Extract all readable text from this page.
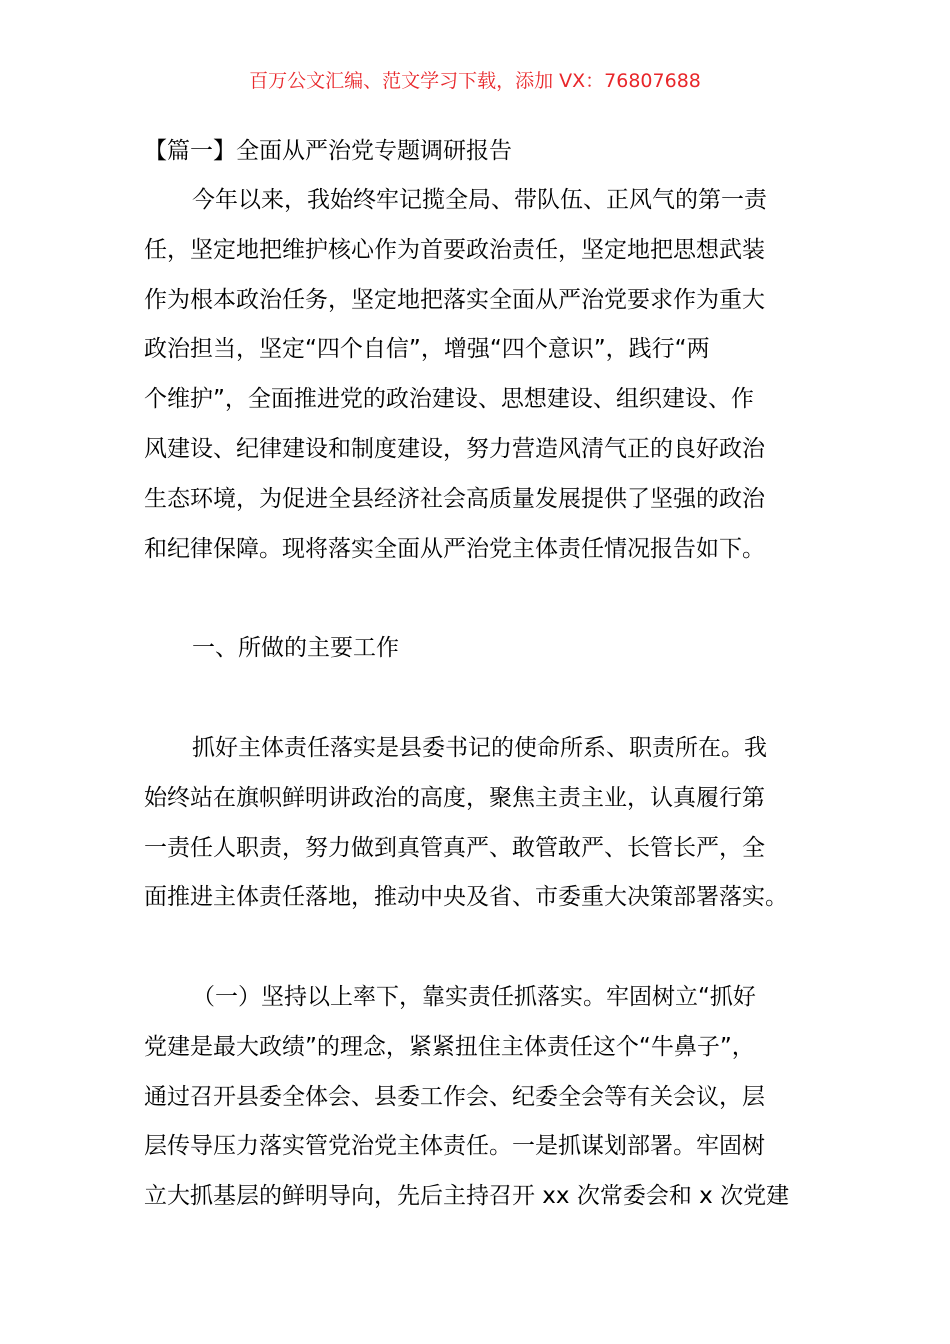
百万公文汇编、范文学习下载，添加 VX：76807688
【篇一】全面从严治党专题调研报告
今年以来，我始终牢记揽全局、带队伍、正风气的第一责
任，坚定地把维护核心作为首要政治责任，坚定地把思想武装
作为根本政治任务，坚定地把落实全面从严治党要求作为重大
政治担当，坚定“四个自信”，增强“四个意识”，践行“两
个维护”，全面推进党的政治建设、思想建设、组织建设、作
风建设、纪律建设和制度建设，努力营造风清气正的良好政治
生态环境，为促进全县经济社会高质量发展提供了坚强的政治
和纪律保障。现将落实全面从严治党主体责任情况报告如下。
一、所做的主要工作
抓好主体责任落实是县委书记的使命所系、职责所在。我
始终站在旗帜鲜明讲政治的高度，聚焦主责主业，认真履行第
一责任人职责，努力做到真管真严、敢管敢严、长管长严，全
面推进主体责任落地，推动中央及省、市委重大决策部署落实。
（一）坚持以上率下，靠实责任抓落实。牢固树立“抓好
党建是最大政绩”的理念，紧紧扭住主体责任这个“牛鼻子”，
通过召开县委全体会、县委工作会、纪委全会等有关会议，层
层传导压力落实管党治党主体责任。一是抓谋划部署。牢固树
立大抓基层的鲜明导向，先后主持召开 xx 次常委会和 x 次党建
